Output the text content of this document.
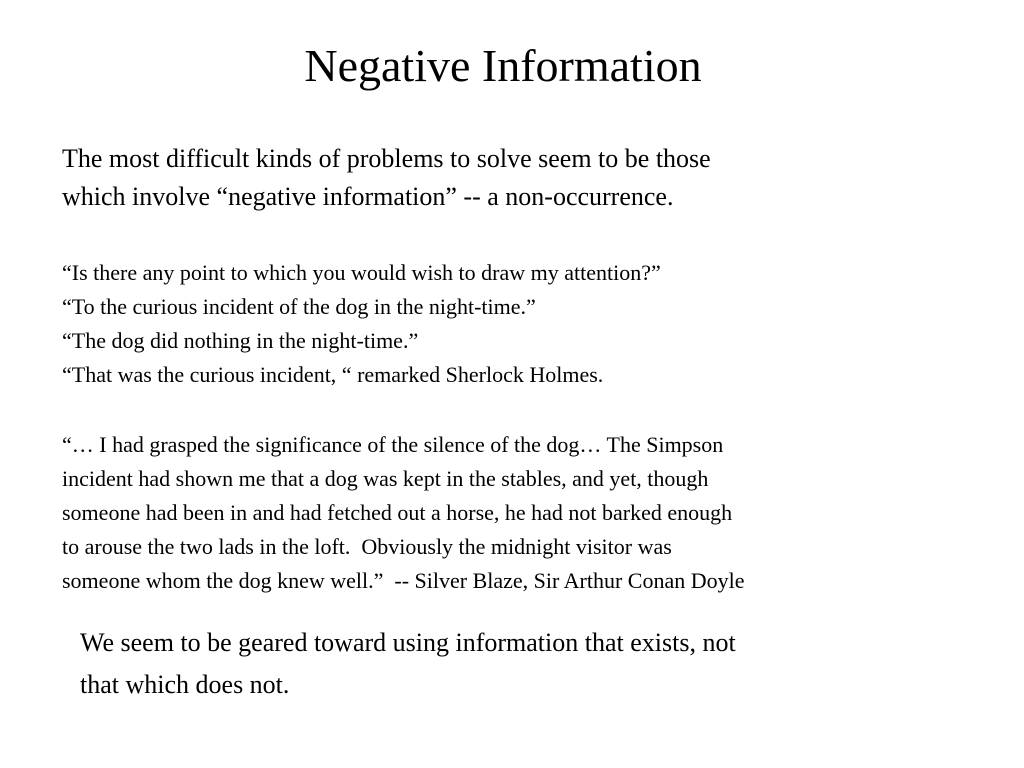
Negative Information
The most difficult kinds of problems to solve seem to be those
which involve “negative information” -- a non-occurrence.
“Is there any point to which you would wish to draw my attention?”
“To the curious incident of the dog in the night-time.”
“The dog did nothing in the night-time.”
“That was the curious incident, “ remarked Sherlock Holmes.
“… I had grasped the significance of the silence of the dog… The Simpson
incident had shown me that a dog was kept in the stables, and yet, though
someone had been in and had fetched out a horse, he had not barked enough
to arouse the two lads in the loft.  Obviously the midnight visitor was
someone whom the dog knew well.”  -- Silver Blaze, Sir Arthur Conan Doyle
We seem to be geared toward using information that exists, not
that which does not.
